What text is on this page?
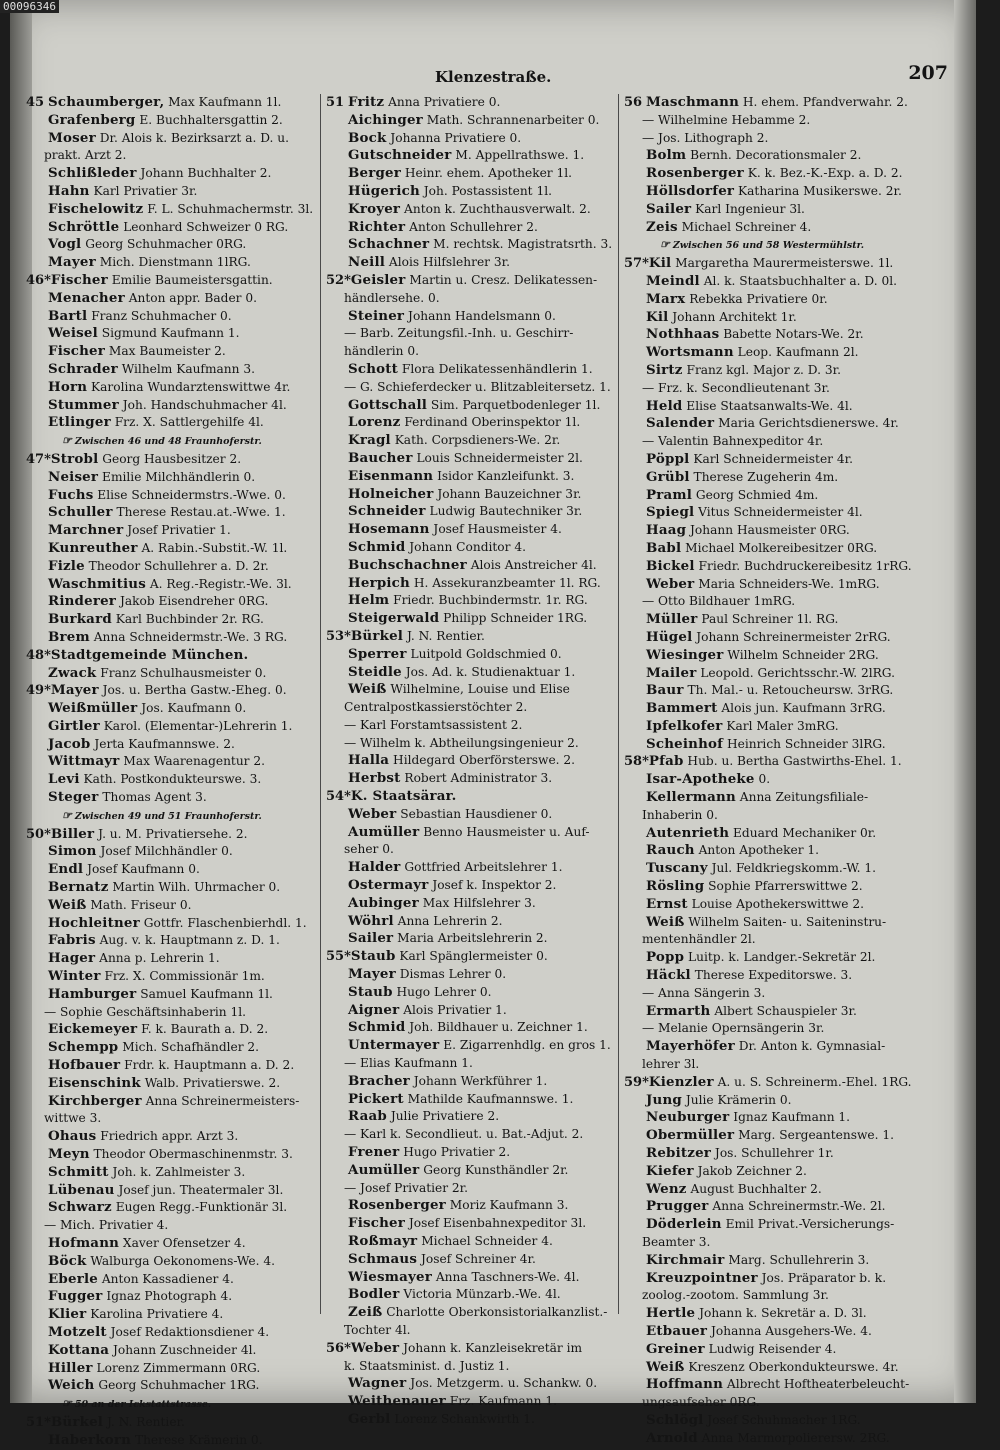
Klenzestraße.	207
45 Schaumberger, Max Kaufmann 1l.
Grafenberg E. Buchhaltersgattin 2.
Moser Dr. Alois k. Bezirksarzt a. D. u.
prakt. Arzt 2.
Schlißleder Johann Buchhalter 2.
Hahn Karl Privatier 3r.
Fischelowitz F. L. Schuhmachermstr. 3l.
Schröttle Leonhard Schweizer 0 RG.
Vogl Georg Schuhmacher 0RG.
Mayer Mich. Dienstmann 1lRG.
46*Fischer Emilie Baumeistersgattin.
Menacher Anton appr. Bader 0.
Bartl Franz Schuhmacher 0.
Weisel Sigmund Kaufmann 1.
Fischer Max Baumeister 2.
Schrader Wilhelm Kaufmann 3.
Horn Karolina Wundarztenswittwe 4r.
Stummer Joh. Handschuhmacher 4l.
Etlinger Frz. X. Sattlergehilfe 4l.
☞ Zwischen 46 und 48 Fraunhoferstr.
47*Strobl Georg Hausbesitzer 2.
Neiser Emilie Milchhändlerin 0.
Fuchs Elise Schneidermstrs.-Wwe. 0.
Schuller Therese Restau.at.-Wwe. 1.
Marchner Josef Privatier 1.
Kunreuther A. Rabin.-Substit.-W. 1l.
Fizle Theodor Schullehrer a. D. 2r.
Waschmitius A. Reg.-Registr.-We. 3l.
Rinderer Jakob Eisendreher 0RG.
Burkard Karl Buchbinder 2r. RG.
Brem Anna Schneidermstr.-We. 3 RG.
48*Stadtgemeinde München.
Zwack Franz Schulhausmeister 0.
49*Mayer Jos. u. Bertha Gastw.-Eheg. 0.
Weißmüller Jos. Kaufmann 0.
Girtler Karol. (Elementar-)Lehrerin 1.
Jacob Jerta Kaufmannswe. 2.
Wittmayr Max Waarenagentur 2.
Levi Kath. Postkondukteurswe. 3.
Steger Thomas Agent 3.
☞ Zwischen 49 und 51 Fraunhoferstr.
50*Biller J. u. M. Privatiersehe. 2.
Simon Josef Milchhändler 0.
Endl Josef Kaufmann 0.
Bernatz Martin Wilh. Uhrmacher 0.
Weiß Math. Friseur 0.
Hochleitner Gottfr. Flaschenbierhdl. 1.
Fabris Aug. v. k. Hauptmann z. D. 1.
Hager Anna p. Lehrerin 1.
Winter Frz. X. Commissionär 1m.
Hamburger Samuel Kaufmann 1l.
— Sophie Geschäftsinhaberin 1l.
Eickemeyer F. k. Baurath a. D. 2.
Schempp Mich. Schafhändler 2.
Hofbauer Frdr. k. Hauptmann a. D. 2.
Eisenschink Walb. Privatierswe. 2.
Kirchberger Anna Schreinermeisters-
wittwe 3.
Ohaus Friedrich appr. Arzt 3.
Meyn Theodor Obermaschinenmstr. 3.
Schmitt Joh. k. Zahlmeister 3.
Lübenau Josef jun. Theatermaler 3l.
Schwarz Eugen Regg.-Funktionär 3l.
— Mich. Privatier 4.
Hofmann Xaver Ofensetzer 4.
Böck Walburga Oekonomens-We. 4.
Eberle Anton Kassadiener 4.
Fugger Ignaz Photograph 4.
Klier Karolina Privatiere 4.
Motzelt Josef Redaktionsdiener 4.
Kottana Johann Zuschneider 4l.
Hiller Lorenz Zimmermann 0RG.
Weich Georg Schuhmacher 1RG.
☞ 50 an der Ickstattstrasse.
51*Bürkel J. N. Rentier.
Haberkorn Therese Krämerin 0.
51 Fritz Anna Privatiere 0.
Aichinger Math. Schrannenarbeiter 0.
Bock Johanna Privatiere 0.
Gutschneider M. Appellrathswe. 1.
Berger Heinr. ehem. Apotheker 1l.
Hügerich Joh. Postassistent 1l.
Kroyer Anton k. Zuchthausverwalt. 2.
Richter Anton Schullehrer 2.
Schachner M. rechtsk. Magistratsrth. 3.
Neill Alois Hilfslehrer 3r.
52*Geisler Martin u. Cresz. Delikatessen-
händlersehe. 0.
Steiner Johann Handelsmann 0.
— Barb. Zeitungsfil.-Inh. u. Geschirr-
händlerin 0.
Schott Flora Delikatessenhändlerin 1.
— G. Schieferdecker u. Blitzableitersetz. 1.
Gottschall Sim. Parquetbodenleger 1l.
Lorenz Ferdinand Oberinspektor 1l.
Kragl Kath. Corpsdieners-We. 2r.
Baucher Louis Schneidermeister 2l.
Eisenmann Isidor Kanzleifunkt. 3.
Holneicher Johann Bauzeichner 3r.
Schneider Ludwig Bautechniker 3r.
Hosemann Josef Hausmeister 4.
Schmid Johann Conditor 4.
Buchschachner Alois Anstreicher 4l.
Herpich H. Assekuranzbeamter 1l. RG.
Helm Friedr. Buchbindermstr. 1r. RG.
Steigerwald Philipp Schneider 1RG.
53*Bürkel J. N. Rentier.
Sperrer Luitpold Goldschmied 0.
Steidle Jos. Ad. k. Studienaktuar 1.
Weiß Wilhelmine, Louise und Elise
Centralpostkassierstöchter 2.
— Karl Forstamtsassistent 2.
— Wilhelm k. Abtheilungsingenieur 2.
Halla Hildegard Oberförsterswe. 2.
Herbst Robert Administrator 3.
54*K. Staatsärar.
Weber Sebastian Hausdiener 0.
Aumüller Benno Hausmeister u. Auf-
seher 0.
Halder Gottfried Arbeitslehrer 1.
Ostermayr Josef k. Inspektor 2.
Aubinger Max Hilfslehrer 3.
Wöhrl Anna Lehrerin 2.
Sailer Maria Arbeitslehrerin 2.
55*Staub Karl Spänglermeister 0.
Mayer Dismas Lehrer 0.
Staub Hugo Lehrer 0.
Aigner Alois Privatier 1.
Schmid Joh. Bildhauer u. Zeichner 1.
Untermayer E. Zigarrenhdlg. en gros 1.
— Elias Kaufmann 1.
Bracher Johann Werkführer 1.
Pickert Mathilde Kaufmannswe. 1.
Raab Julie Privatiere 2.
— Karl k. Secondlieut. u. Bat.-Adjut. 2.
Frener Hugo Privatier 2.
Aumüller Georg Kunsthändler 2r.
— Josef Privatier 2r.
Rosenberger Moriz Kaufmann 3.
Fischer Josef Eisenbahnexpeditor 3l.
Roßmayr Michael Schneider 4.
Schmaus Josef Schreiner 4r.
Wiesmayer Anna Taschners-We. 4l.
Bodler Victoria Münzarb.-We. 4l.
Zeiß Charlotte Oberkonsistorialkanzlist.-
Tochter 4l.
56*Weber Johann k. Kanzleisekretär im
k. Staatsminist. d. Justiz 1.
Wagner Jos. Metzgerm. u. Schankw. 0.
Weithenauer Frz. Kaufmann 1.
Gerbl Lorenz Schankwirth 1.
56 Maschmann H. ehem. Pfandverwahr. 2.
— Wilhelmine Hebamme 2.
— Jos. Lithograph 2.
Bolm Bernh. Decorationsmaler 2.
Rosenberger K. k. Bez.-K.-Exp. a. D. 2.
Höllsdorfer Katharina Musikerswe. 2r.
Sailer Karl Ingenieur 3l.
Zeis Michael Schreiner 4.
☞ Zwischen 56 und 58 Westermühlstr.
57*Kil Margaretha Maurermeisterswe. 1l.
Meindl Al. k. Staatsbuchhalter a. D. 0l.
Marx Rebekka Privatiere 0r.
Kil Johann Architekt 1r.
Nothhaas Babette Notars-We. 2r.
Wortsmann Leop. Kaufmann 2l.
Sirtz Franz kgl. Major z. D. 3r.
— Frz. k. Secondlieutenant 3r.
Held Elise Staatsanwalts-We. 4l.
Salender Maria Gerichtsdienerswe. 4r.
— Valentin Bahnexpeditor 4r.
Pöppl Karl Schneidermeister 4r.
Grübl Therese Zugeherin 4m.
Praml Georg Schmied 4m.
Spiegl Vitus Schneidermeister 4l.
Haag Johann Hausmeister 0RG.
Babl Michael Molkereibesitzer 0RG.
Bickel Friedr. Buchdruckereibesitz 1rRG.
Weber Maria Schneiders-We. 1mRG.
— Otto Bildhauer 1mRG.
Müller Paul Schreiner 1l. RG.
Hügel Johann Schreinermeister 2rRG.
Wiesinger Wilhelm Schneider 2RG.
Mailer Leopold. Gerichtsschr.-W. 2lRG.
Baur Th. Mal.- u. Retoucheursw. 3rRG.
Bammert Alois jun. Kaufmann 3rRG.
Ipfelkofer Karl Maler 3mRG.
Scheinhof Heinrich Schneider 3lRG.
58*Pfab Hub. u. Bertha Gastwirths-Ehel. 1.
Isar-Apotheke 0.
Kellermann Anna Zeitungsfiliale-
Inhaberin 0.
Autenrieth Eduard Mechaniker 0r.
Rauch Anton Apotheker 1.
Tuscany Jul. Feldkriegskomm.-W. 1.
Rösling Sophie Pfarrerswittwe 2.
Ernst Louise Apothekerswittwe 2.
Weiß Wilhelm Saiten- u. Saiteninstru-
mentenhändler 2l.
Popp Luitp. k. Landger.-Sekretär 2l.
Häckl Therese Expeditorswe. 3.
— Anna Sängerin 3.
Ermarth Albert Schauspieler 3r.
— Melanie Opernsängerin 3r.
Mayerhöfer Dr. Anton k. Gymnasial-
lehrer 3l.
59*Kienzler A. u. S. Schreinerm.-Ehel. 1RG.
Jung Julie Krämerin 0.
Neuburger Ignaz Kaufmann 1.
Obermüller Marg. Sergeantenswe. 1.
Rebitzer Jos. Schullehrer 1r.
Kiefer Jakob Zeichner 2.
Wenz August Buchhalter 2.
Prugger Anna Schreinermstr.-We. 2l.
Döderlein Emil Privat.-Versicherungs-
Beamter 3.
Kirchmair Marg. Schullehrerin 3.
Kreuzpointner Jos. Präparator b. k.
zoolog.-zootom. Sammlung 3r.
Hertle Johann k. Sekretär a. D. 3l.
Etbauer Johanna Ausgehers-We. 4.
Greiner Ludwig Reisender 4.
Weiß Kreszenz Oberkondukteurswe. 4r.
Hoffmann Albrecht Hoftheaterbeleucht-
ungsaufseher 0RG.
Schlögl Josef Schuhmacher 1RG.
Arnold Anna Marmorpolierersw. 2RG.
00096346
